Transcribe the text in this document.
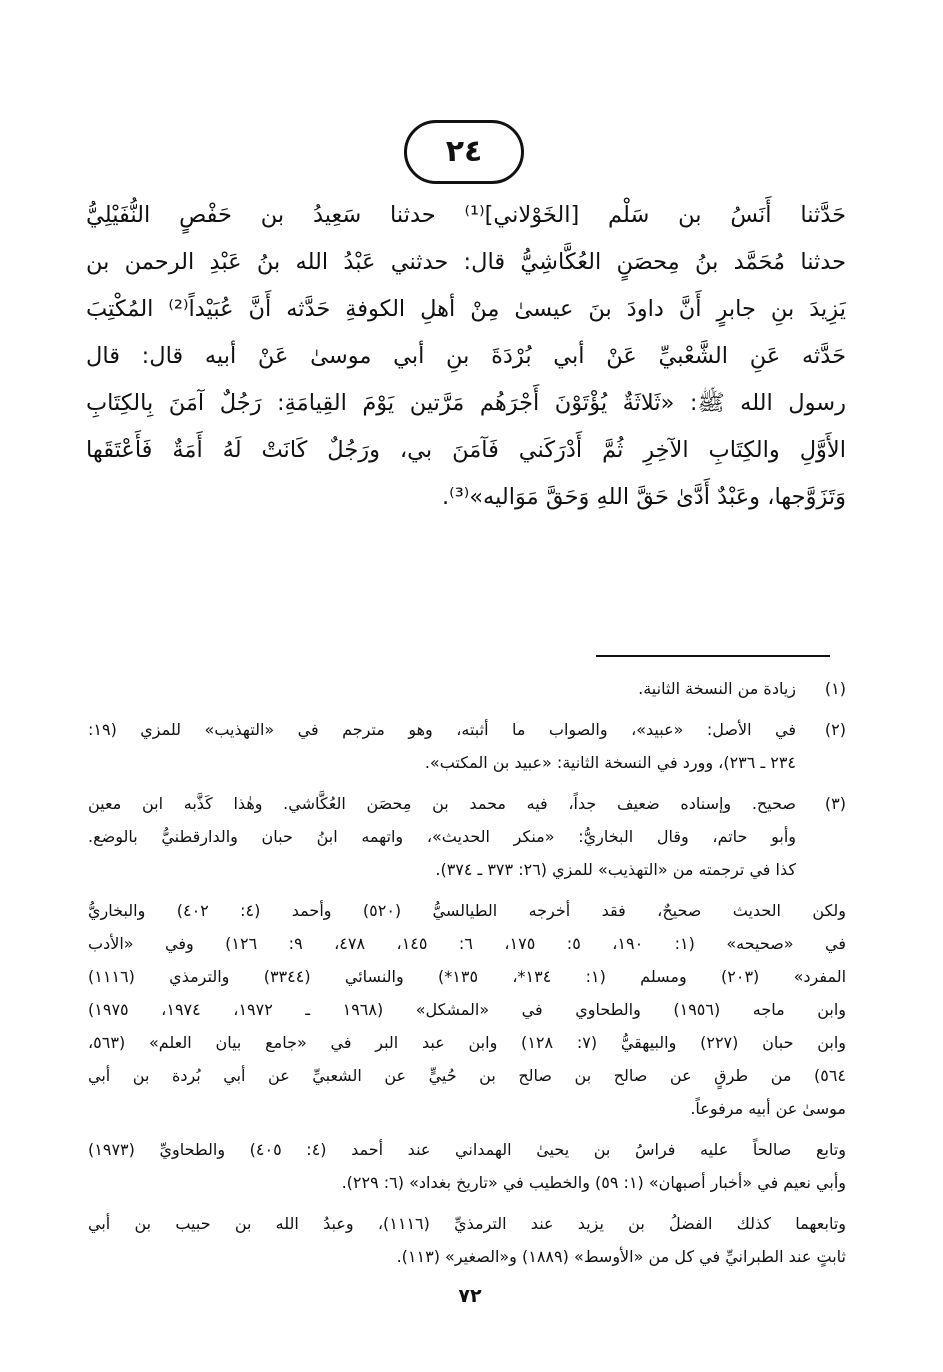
٢٤
حَدَّثنا أَنَسُ بن سَلْم [الخَوْلاني]⁽¹⁾ حدثنا سَعِيدُ بن حَفْصٍ النُّفَيْلِيُّ
حدثنا مُحَمَّد بنُ مِحصَنٍ العُكَّاشِيُّ قال: حدثني عَبْدُ الله بنُ عَبْدِ الرحمن بن
يَزِيدَ بنِ جابرٍ أَنَّ داودَ بنَ عيسىٰ مِنْ أهلِ الكوفةِ حَدَّثه أَنَّ عُبَيْداً⁽²⁾ المُكْتِبَ
حَدَّثه عَنِ الشَّعْبيِّ عَنْ أبي بُرْدَةَ بنِ أبي موسىٰ عَنْ أبيه قال: قال
رسول الله ﷺ: «ثَلاثَةٌ يُؤْتَوْنَ أَجْرَهُم مَرَّتين يَوْمَ القِيامَةِ: رَجُلٌ آمَنَ بِالكِتَابِ
الأَوَّلِ والكِتَابِ الآخِرِ ثُمَّ أَدْرَكَني فَآمَنَ بي، ورَجُلٌ كَانَتْ لَهُ أَمَةٌ فَأَعْتَقَها
وَتَزَوَّجها، وعَبْدٌ أَدَّىٰ حَقَّ اللهِ وَحَقَّ مَوَاليه»⁽³⁾.
(١)
زيادة من النسخة الثانية.
(٢)
في الأصل: «عبيد»، والصواب ما أثبته، وهو مترجم في «التهذيب» للمزي (١٩:
٢٣٤ ـ ٢٣٦)، وورد في النسخة الثانية: «عبيد بن المكتب».
(٣)
صحيح. وإسناده ضعيف جداً، فيه محمد بن مِحصَن العُكَّاشي. وهٰذا كَذَّبه ابن معين
وأبو حاتم، وقال البخاريُّ: «منكر الحديث»، واتهمه ابنُ حبان والدارقطنيُّ بالوضع.
كذا في ترجمته من «التهذيب» للمزي (٢٦: ٣٧٣ ـ ٣٧٤).
ولكن الحديث صحيحٌ، فقد أخرجه الطيالسيُّ (٥٢٠) وأحمد (٤: ٤٠٢) والبخاريُّ
في «صحيحه» (١: ١٩٠، ٥: ١٧٥، ٦: ١٤٥، ٤٧٨، ٩: ١٢٦) وفي «الأدب
المفرد» (٢٠٣) ومسلم (١: ١٣٤*، ١٣٥*) والنسائي (٣٣٤٤) والترمذي (١١١٦)
وابن ماجه (١٩٥٦) والطحاوي في «المشكل» (١٩٦٨ ـ ١٩٧٢، ١٩٧٤، ١٩٧٥)
وابن حبان (٢٢٧) والبيهقيُّ (٧: ١٢٨) وابن عبد البر في «جامع بيان العلم» (٥٦٣،
٥٦٤) من طرقٍ عن صالح بن صالح بن حُييٍّ عن الشعبيِّ عن أبي بُردة بن أبي
موسىٰ عن أبيه مرفوعاً.
وتابع صالحاً عليه فراسُ بن يحيىٰ الهمداني عند أحمد (٤: ٤٠٥) والطحاويِّ (١٩٧٣)
وأبي نعيم في «أخبار أصبهان» (١: ٥٩) والخطيب في «تاريخ بغداد» (٦: ٢٢٩).
وتابعهما كذلك الفضلُ بن يزيد عند الترمذيِّ (١١١٦)، وعبدُ الله بن حبيب بن أبي
ثابتٍ عند الطبرانيِّ في كل من «الأوسط» (١٨٨٩) و«الصغير» (١١٣).
٧٢
